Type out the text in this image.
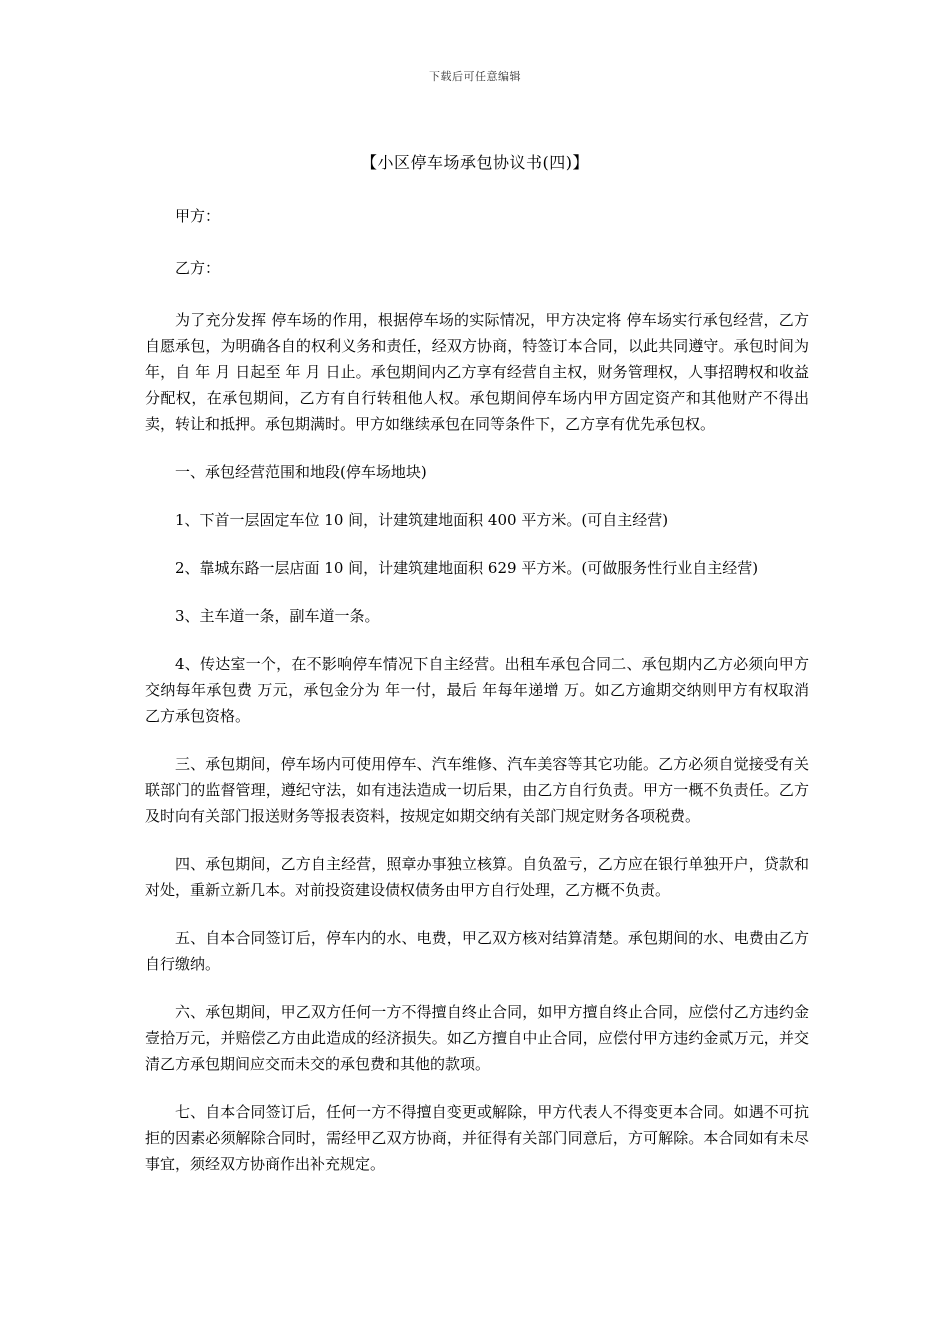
下载后可任意编辑
【小区停车场承包协议书(四)】

甲方：

乙方：

为了充分发挥 停车场的作用，根据停车场的实际情况，甲方决定将 停车场实行承包经营，乙方自愿承包，为明确各自的权利义务和责任，经双方协商，特签订本合同，以此共同遵守。承包时间为 年，自 年 月 日起至 年 月 日止。承包期间内乙方享有经营自主权，财务管理权，人事招聘权和收益分配权，在承包期间，乙方有自行转租他人权。承包期间停车场内甲方固定资产和其他财产不得出卖，转让和抵押。承包期满时。甲方如继续承包在同等条件下，乙方享有优先承包权。

一、承包经营范围和地段(停车场地块)

1、下首一层固定车位 10 间，计建筑建地面积 400 平方米。(可自主经营)

2、靠城东路一层店面 10 间，计建筑建地面积 629 平方米。(可做服务性行业自主经营)

3、主车道一条，副车道一条。

4、传达室一个，在不影响停车情况下自主经营。出租车承包合同二、承包期内乙方必须向甲方交纳每年承包费 万元，承包金分为 年一付，最后 年每年递增 万。如乙方逾期交纳则甲方有权取消乙方承包资格。

三、承包期间，停车场内可使用停车、汽车维修、汽车美容等其它功能。乙方必须自觉接受有关联部门的监督管理，遵纪守法，如有违法造成一切后果，由乙方自行负责。甲方一概不负责任。乙方及时向有关部门报送财务等报表资料，按规定如期交纳有关部门规定财务各项税费。

四、承包期间，乙方自主经营，照章办事独立核算。自负盈亏，乙方应在银行单独开户，贷款和对处，重新立新几本。对前投资建设债权债务由甲方自行处理，乙方概不负责。

五、自本合同签订后，停车内的水、电费，甲乙双方核对结算清楚。承包期间的水、电费由乙方自行缴纳。

六、承包期间，甲乙双方任何一方不得擅自终止合同，如甲方擅自终止合同，应偿付乙方违约金壹拾万元，并赔偿乙方由此造成的经济损失。如乙方擅自中止合同，应偿付甲方违约金贰万元，并交清乙方承包期间应交而未交的承包费和其他的款项。

七、自本合同签订后，任何一方不得擅自变更或解除，甲方代表人不得变更本合同。如遇不可抗拒的因素必须解除合同时，需经甲乙双方协商，并征得有关部门同意后，方可解除。本合同如有未尽事宜，须经双方协商作出补充规定。
